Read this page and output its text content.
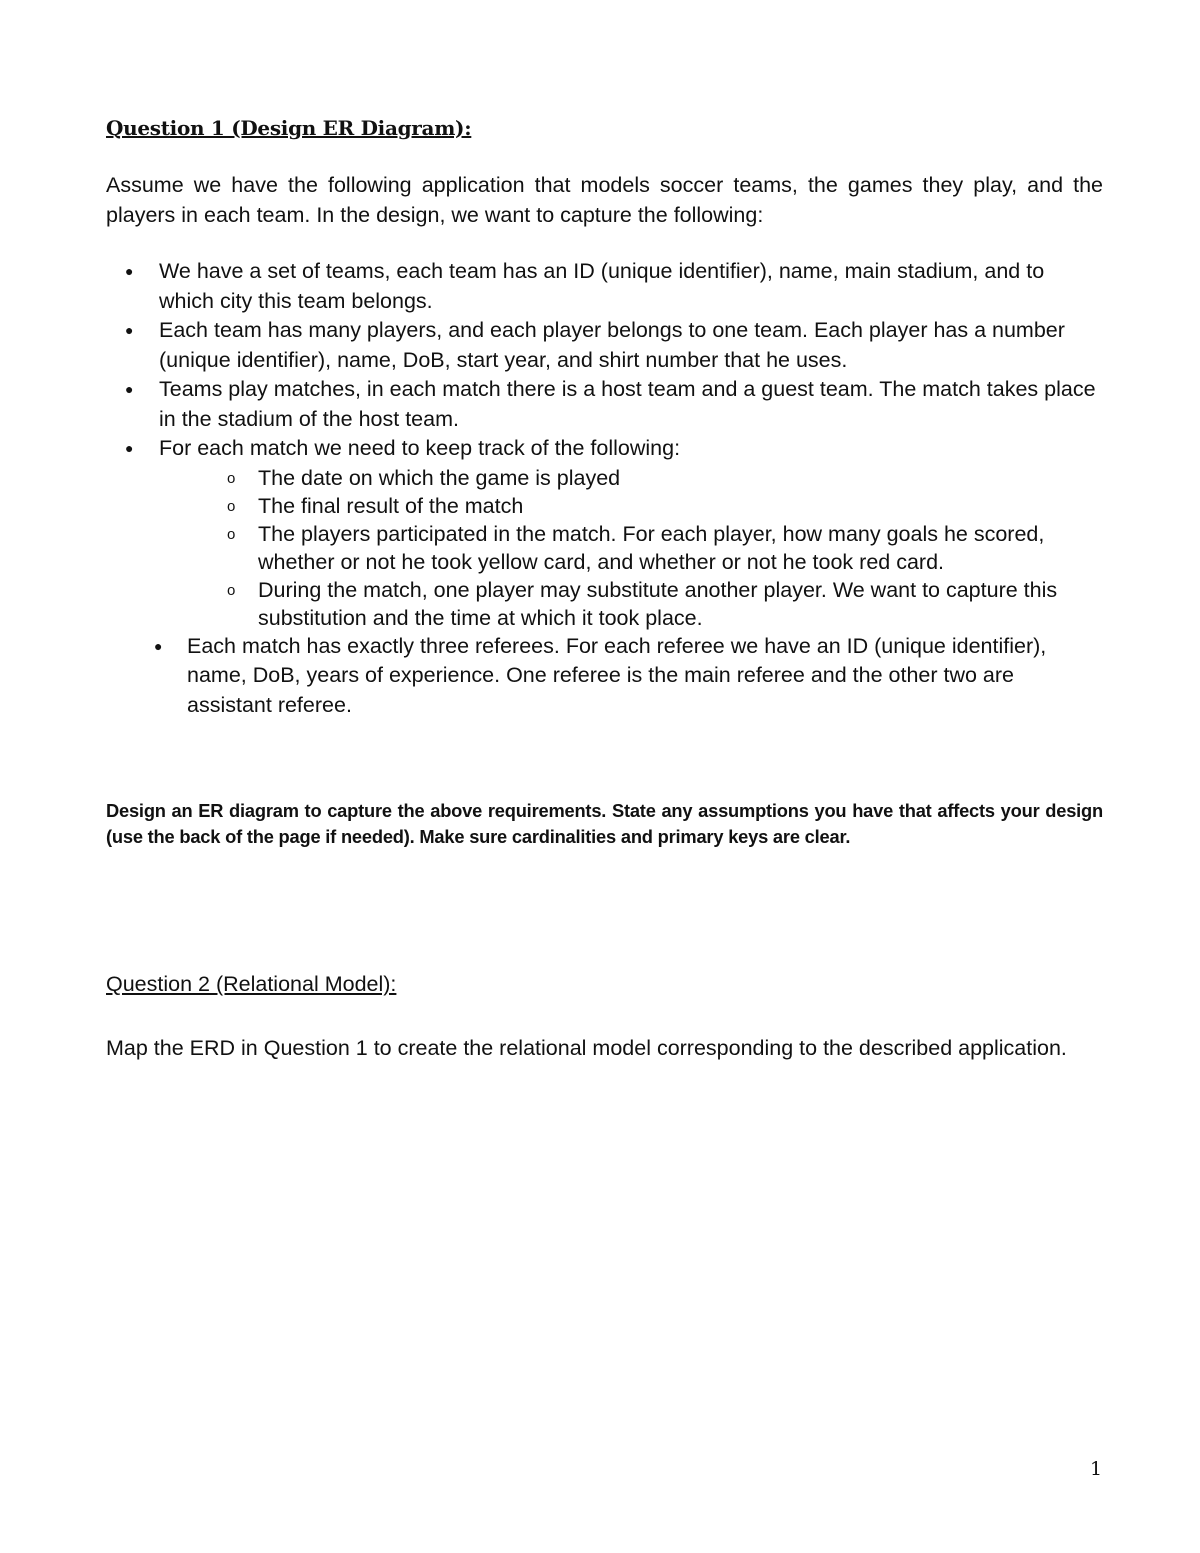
Question 1 (Design ER Diagram):

Assume we have the following application that models soccer teams, the games they play, and the players in each team. In the design, we want to capture the following:

● We have a set of teams, each team has an ID (unique identifier), name, main stadium, and to which city this team belongs.
● Each team has many players, and each player belongs to one team. Each player has a number (unique identifier), name, DoB, start year, and shirt number that he uses.
● Teams play matches, in each match there is a host team and a guest team. The match takes place in the stadium of the host team.
● For each match we need to keep track of the following:
o The date on which the game is played
o The final result of the match
o The players participated in the match. For each player, how many goals he scored, whether or not he took yellow card, and whether or not he took red card.
o During the match, one player may substitute another player. We want to capture this substitution and the time at which it took place.
● Each match has exactly three referees. For each referee we have an ID (unique identifier), name, DoB, years of experience. One referee is the main referee and the other two are assistant referee.

Design an ER diagram to capture the above requirements. State any assumptions you have that affects your design (use the back of the page if needed). Make sure cardinalities and primary keys are clear.

Question 2 (Relational Model):

Map the ERD in Question 1 to create the relational model corresponding to the described application.

1
